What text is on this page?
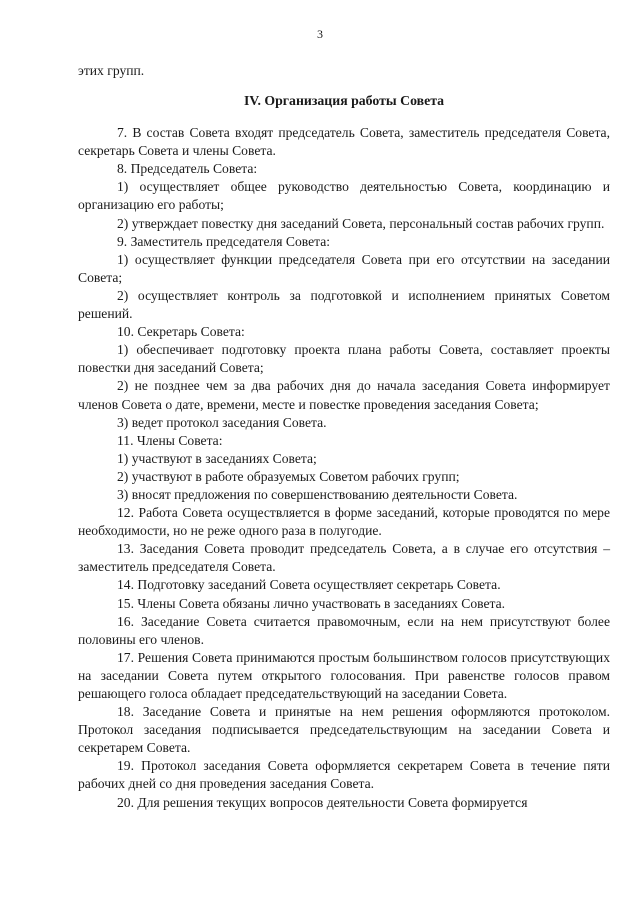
3

этих групп.

IV. Организация работы Совета

7. В состав Совета входят председатель Совета, заместитель председателя Совета, секретарь Совета и члены Совета.

8. Председатель Совета:

1) осуществляет общее руководство деятельностью Совета, координацию и организацию его работы;

2) утверждает повестку дня заседаний Совета, персональный состав рабочих групп.

9. Заместитель председателя Совета:

1) осуществляет функции председателя Совета при его отсутствии на заседании Совета;

2) осуществляет контроль за подготовкой и исполнением принятых Советом решений.

10. Секретарь Совета:

1) обеспечивает подготовку проекта плана работы Совета, составляет проекты повестки дня заседаний Совета;

2) не позднее чем за два рабочих дня до начала заседания Совета информирует членов Совета о дате, времени, месте и повестке проведения заседания Совета;

3) ведет протокол заседания Совета.

11. Члены Совета:

1) участвуют в заседаниях Совета;

2) участвуют в работе образуемых Советом рабочих групп;

3) вносят предложения по совершенствованию деятельности Совета.

12. Работа Совета осуществляется в форме заседаний, которые проводятся по мере необходимости, но не реже одного раза в полугодие.

13. Заседания Совета проводит председатель Совета, а в случае его отсутствия – заместитель председателя Совета.

14. Подготовку заседаний Совета осуществляет секретарь Совета.

15. Члены Совета обязаны лично участвовать в заседаниях Совета.

16. Заседание Совета считается правомочным, если на нем присутствуют более половины его членов.

17. Решения Совета принимаются простым большинством голосов присутствующих на заседании Совета путем открытого голосования. При равенстве голосов правом решающего голоса обладает председательствующий на заседании Совета.

18. Заседание Совета и принятые на нем решения оформляются протоколом. Протокол заседания подписывается председательствующим на заседании Совета и секретарем Совета.

19. Протокол заседания Совета оформляется секретарем Совета в течение пяти рабочих дней со дня проведения заседания Совета.

20. Для решения текущих вопросов деятельности Совета формируется
